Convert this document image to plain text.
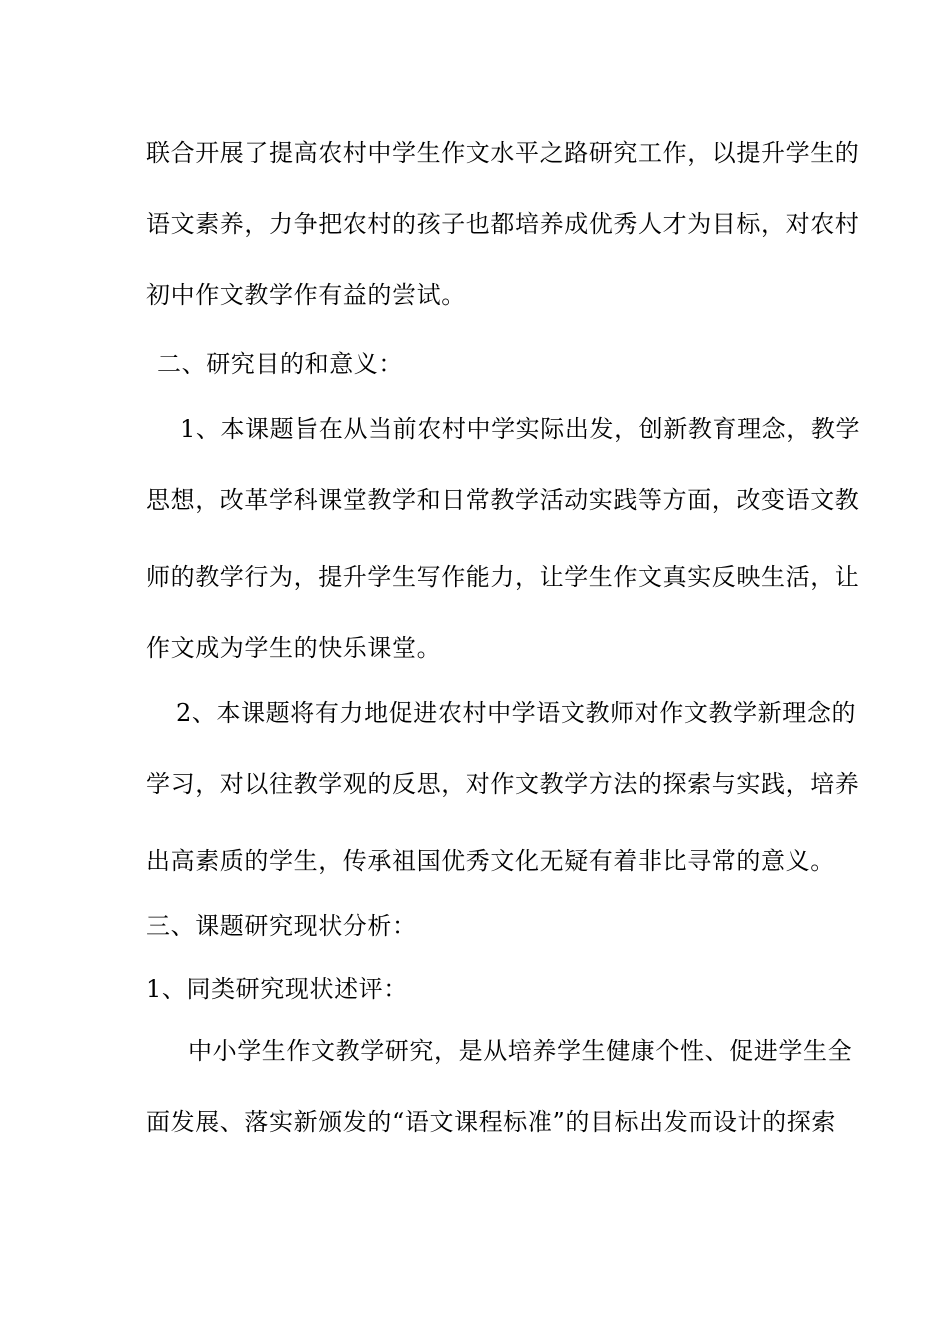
联合开展了提高农村中学生作文水平之路研究工作，以提升学生的
语文素养，力争把农村的孩子也都培养成优秀人才为目标，对农村
初中作文教学作有益的尝试。
二、研究目的和意义：
1、本课题旨在从当前农村中学实际出发，创新教育理念，教学
思想，改革学科课堂教学和日常教学活动实践等方面，改变语文教
师的教学行为，提升学生写作能力，让学生作文真实反映生活，让
作文成为学生的快乐课堂。
2、本课题将有力地促进农村中学语文教师对作文教学新理念的
学习，对以往教学观的反思，对作文教学方法的探索与实践，培养
出高素质的学生，传承祖国优秀文化无疑有着非比寻常的意义。
三、课题研究现状分析：
1、同类研究现状述评：
中小学生作文教学研究，是从培养学生健康个性、促进学生全
面发展、落实新颁发的“语文课程标准”的目标出发而设计的探索
